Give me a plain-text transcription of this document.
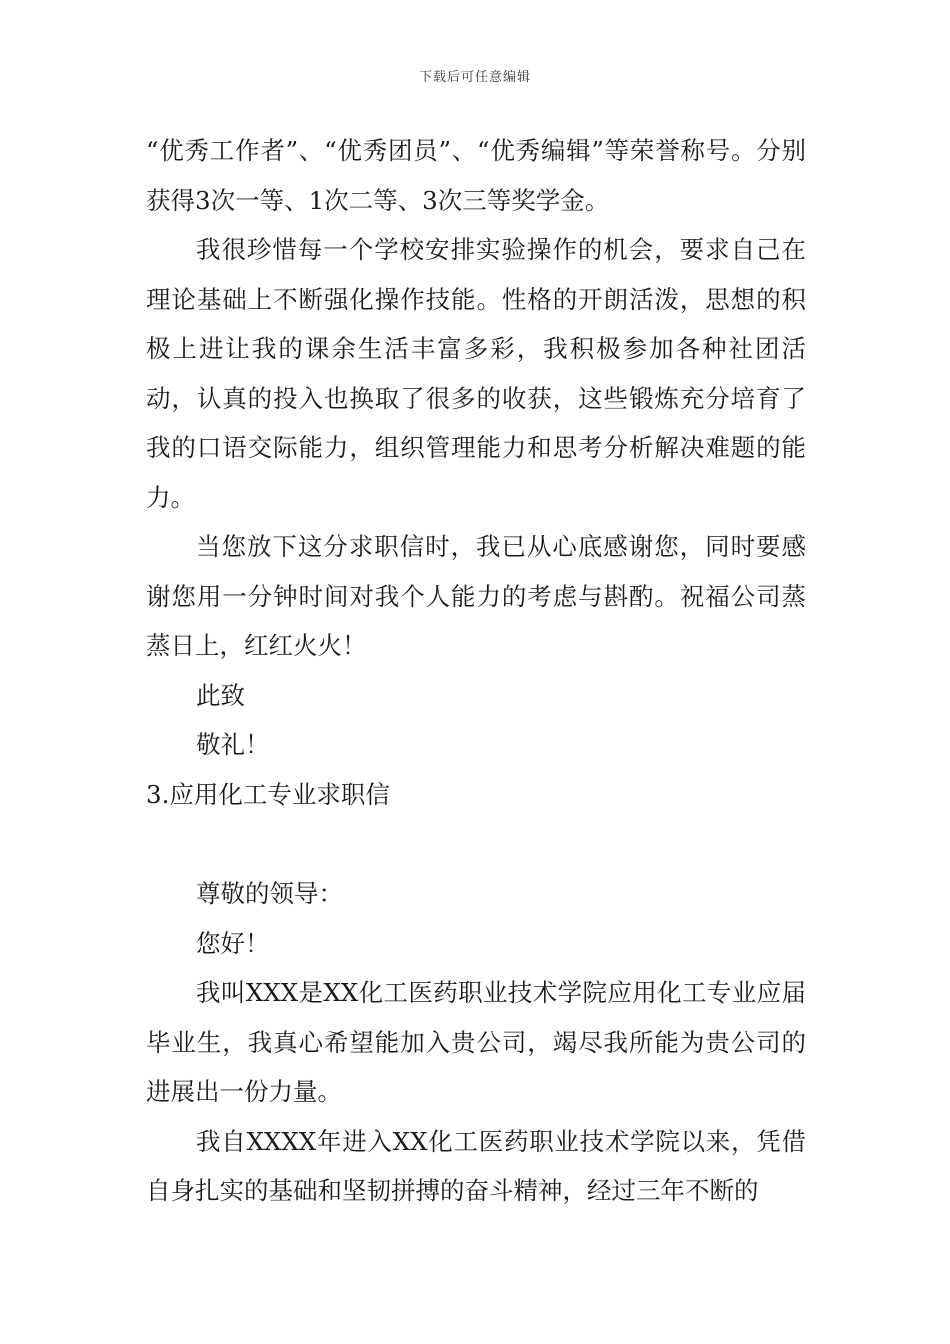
下载后可任意编辑

“优秀工作者”、“优秀团员”、“优秀编辑”等荣誉称号。分别获得3次一等、1次二等、3次三等奖学金。

我很珍惜每一个学校安排实验操作的机会，要求自己在理论基础上不断强化操作技能。性格的开朗活泼，思想的积极上进让我的课余生活丰富多彩，我积极参加各种社团活动，认真的投入也换取了很多的收获，这些锻炼充分培育了我的口语交际能力，组织管理能力和思考分析解决难题的能力。

当您放下这分求职信时，我已从心底感谢您，同时要感谢您用一分钟时间对我个人能力的考虑与斟酌。祝福公司蒸蒸日上，红红火火！

此致

敬礼！

3.应用化工专业求职信

尊敬的领导：

您好！

我叫XXX是XX化工医药职业技术学院应用化工专业应届毕业生，我真心希望能加入贵公司，竭尽我所能为贵公司的进展出一份力量。

我自XXXX年进入XX化工医药职业技术学院以来，凭借自身扎实的基础和坚韧拼搏的奋斗精神，经过三年不断的
